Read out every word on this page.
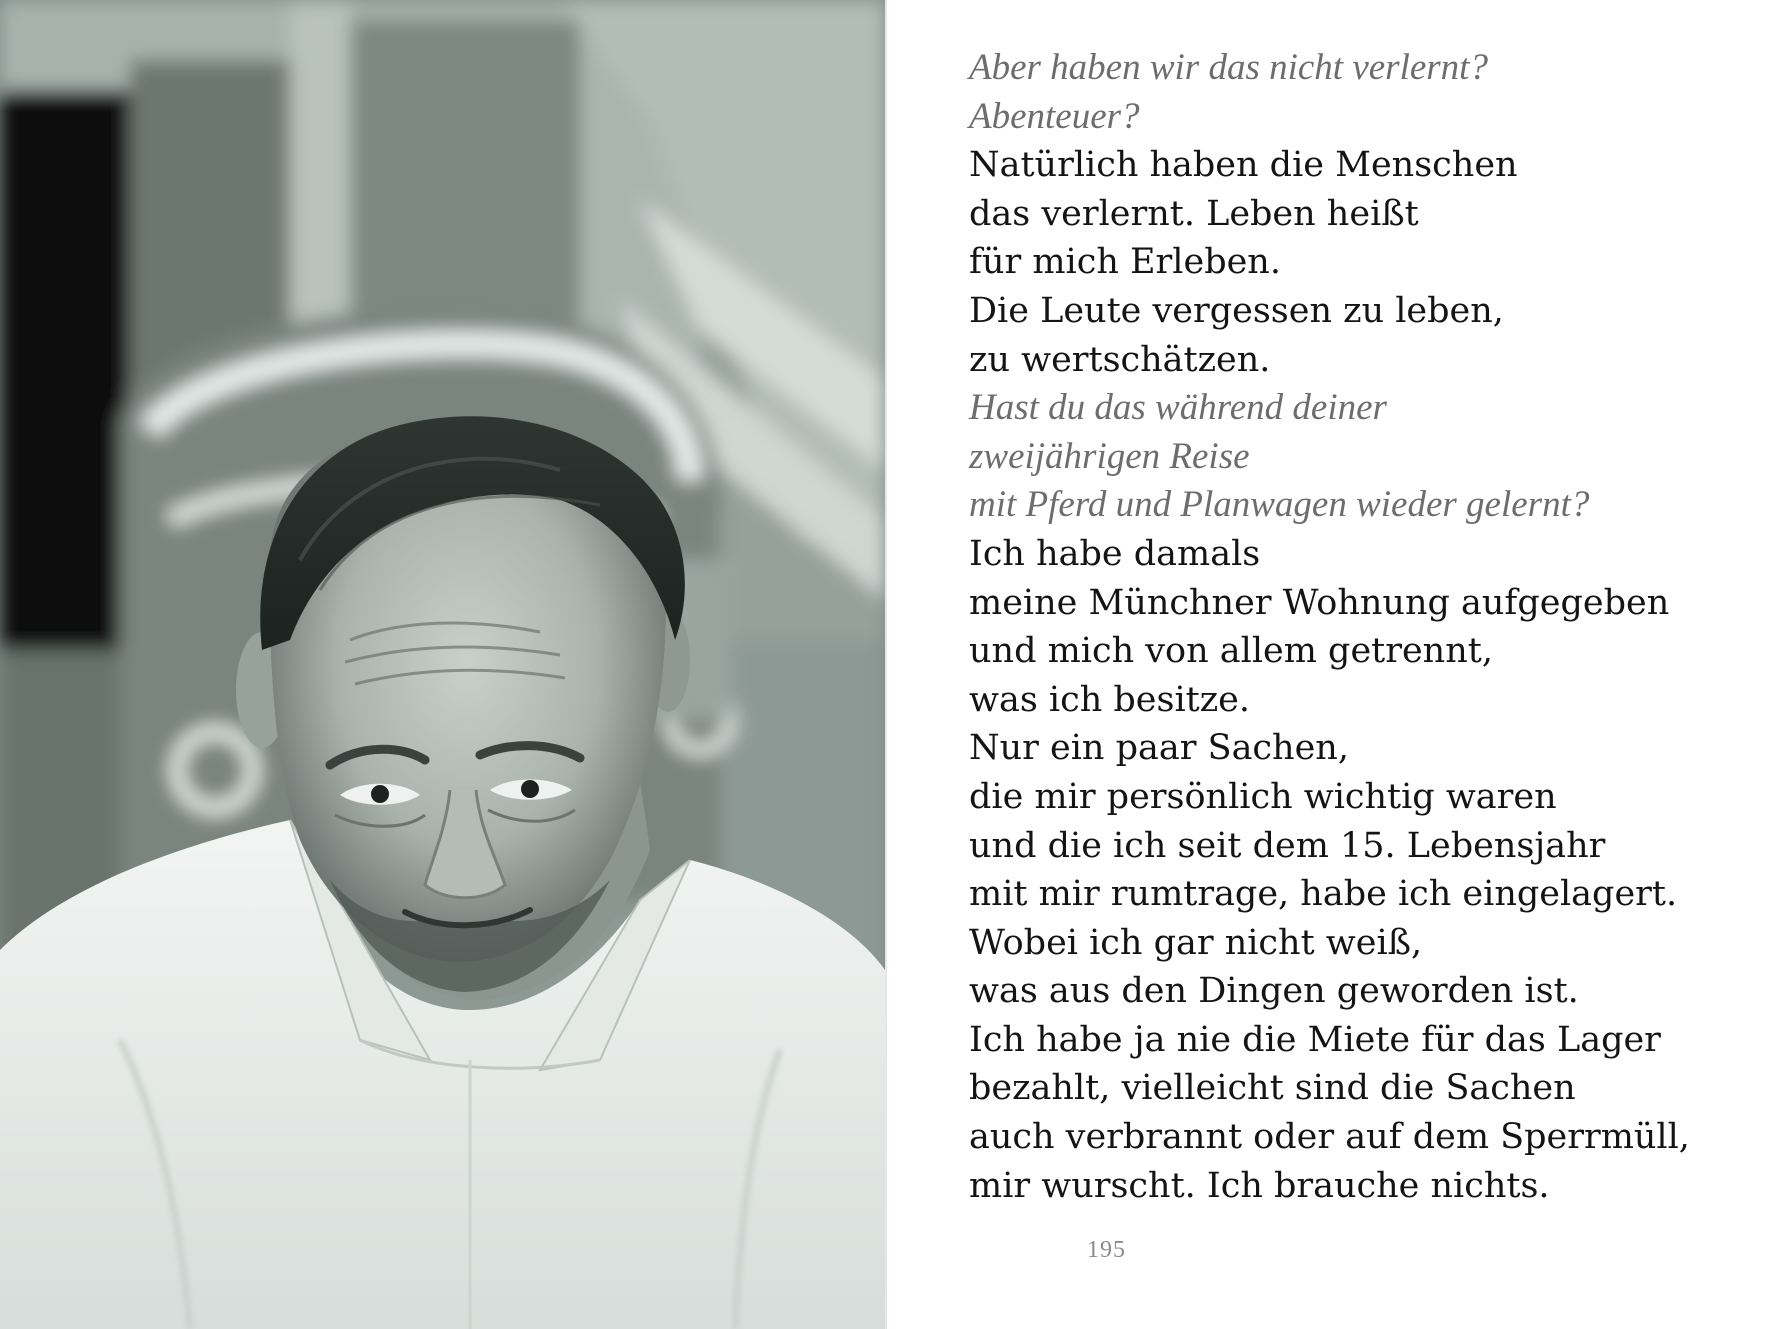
Aber haben wir das nicht verlernt?
Abenteuer?
Natürlich haben die Menschen
das verlernt. Leben heißt
für mich Erleben.
Die Leute vergessen zu leben,
zu wertschätzen.
Hast du das während deiner
zweijährigen Reise
mit Pferd und Planwagen wieder gelernt?
Ich habe damals
meine Münchner Wohnung aufgegeben
und mich von allem getrennt,
was ich besitze.
Nur ein paar Sachen,
die mir persönlich wichtig waren
und die ich seit dem 15. Lebensjahr
mit mir rumtrage, habe ich eingelagert.
Wobei ich gar nicht weiß,
was aus den Dingen geworden ist.
Ich habe ja nie die Miete für das Lager
bezahlt, vielleicht sind die Sachen
auch verbrannt oder auf dem Sperrmüll,
mir wurscht. Ich brauche nichts.
195
